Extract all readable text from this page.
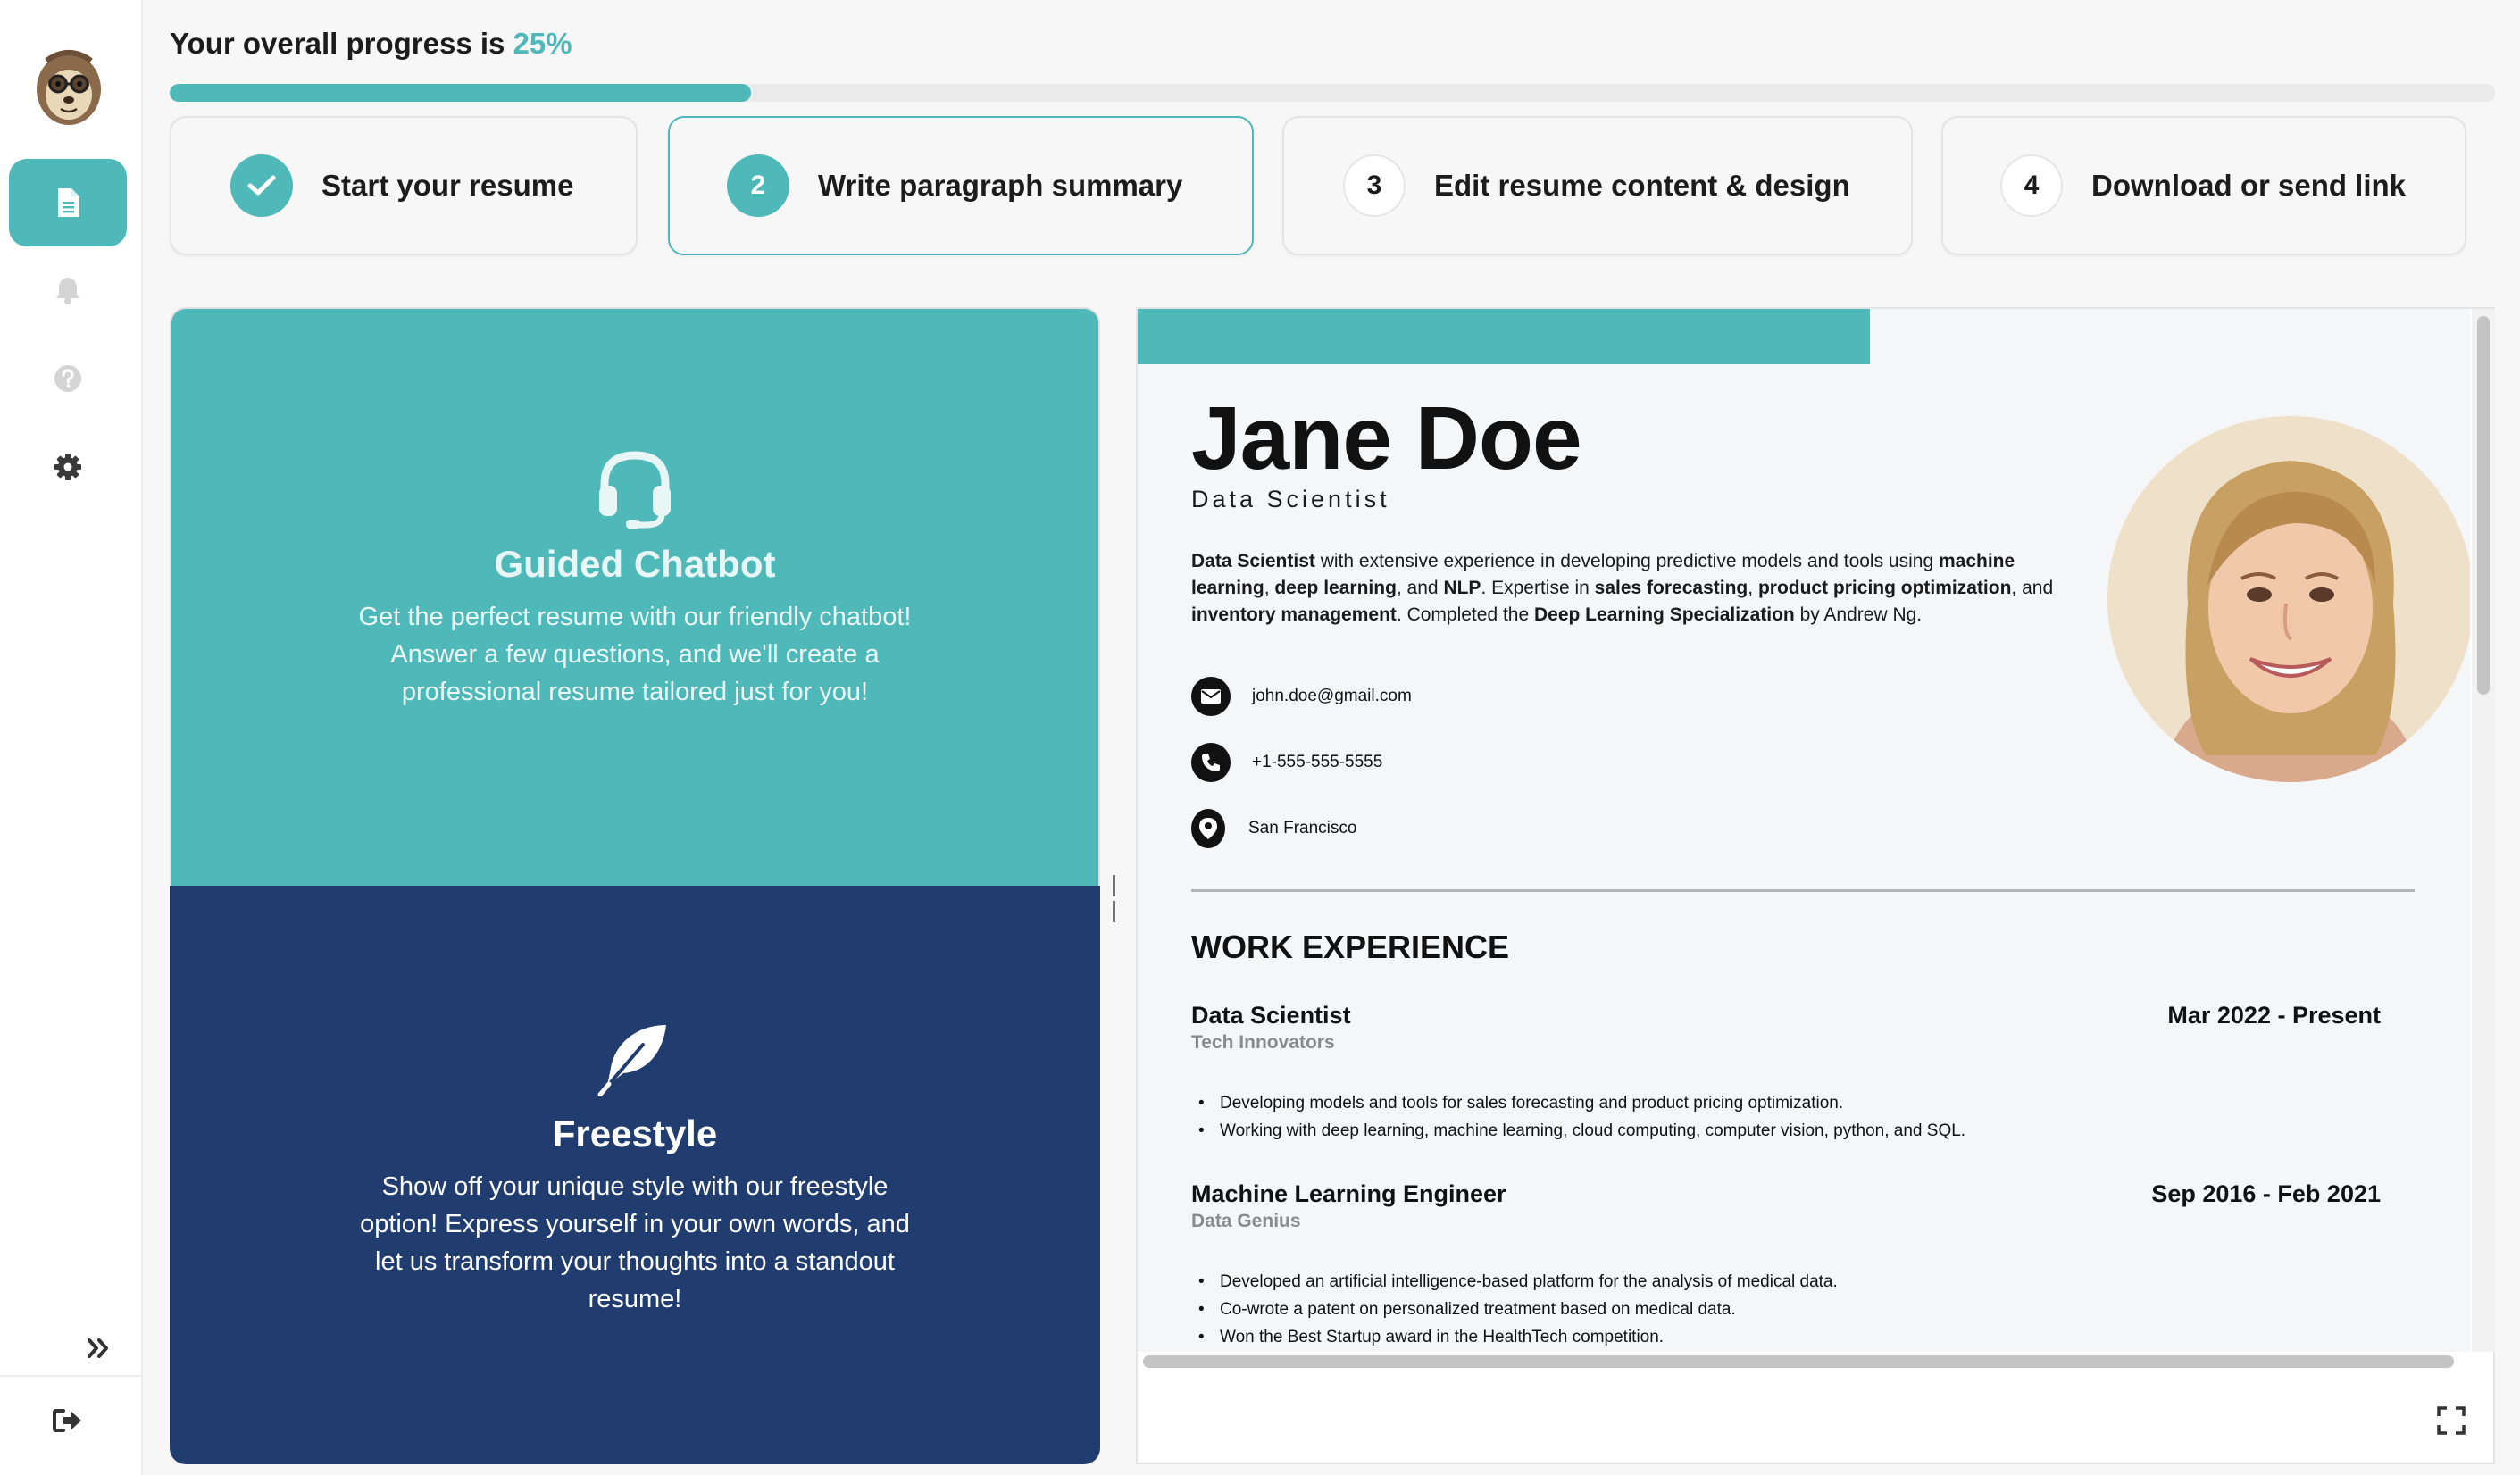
Your overall progress is 25%
Start your resume	2	Write paragraph summary	3	Edit resume content & design	4	Download or send link
Guided Chatbot
Get the perfect resume with our friendly chatbot! Answer a few questions, and we'll create a professional resume tailored just for you!
Freestyle
Show off your unique style with our freestyle option! Express yourself in your own words, and let us transform your thoughts into a standout resume!
Jane Doe
Data Scientist
Data Scientist with extensive experience in developing predictive models and tools using machine learning, deep learning, and NLP. Expertise in sales forecasting, product pricing optimization, and inventory management. Completed the Deep Learning Specialization by Andrew Ng.
john.doe@gmail.com
+1-555-555-5555
San Francisco
WORK EXPERIENCE
Data Scientist	Mar 2022 - Present
Tech Innovators
• Developing models and tools for sales forecasting and product pricing optimization.
• Working with deep learning, machine learning, cloud computing, computer vision, python, and SQL.
Machine Learning Engineer	Sep 2016 - Feb 2021
Data Genius
• Developed an artificial intelligence-based platform for the analysis of medical data.
• Co-wrote a patent on personalized treatment based on medical data.
• Won the Best Startup award in the HealthTech competition.
